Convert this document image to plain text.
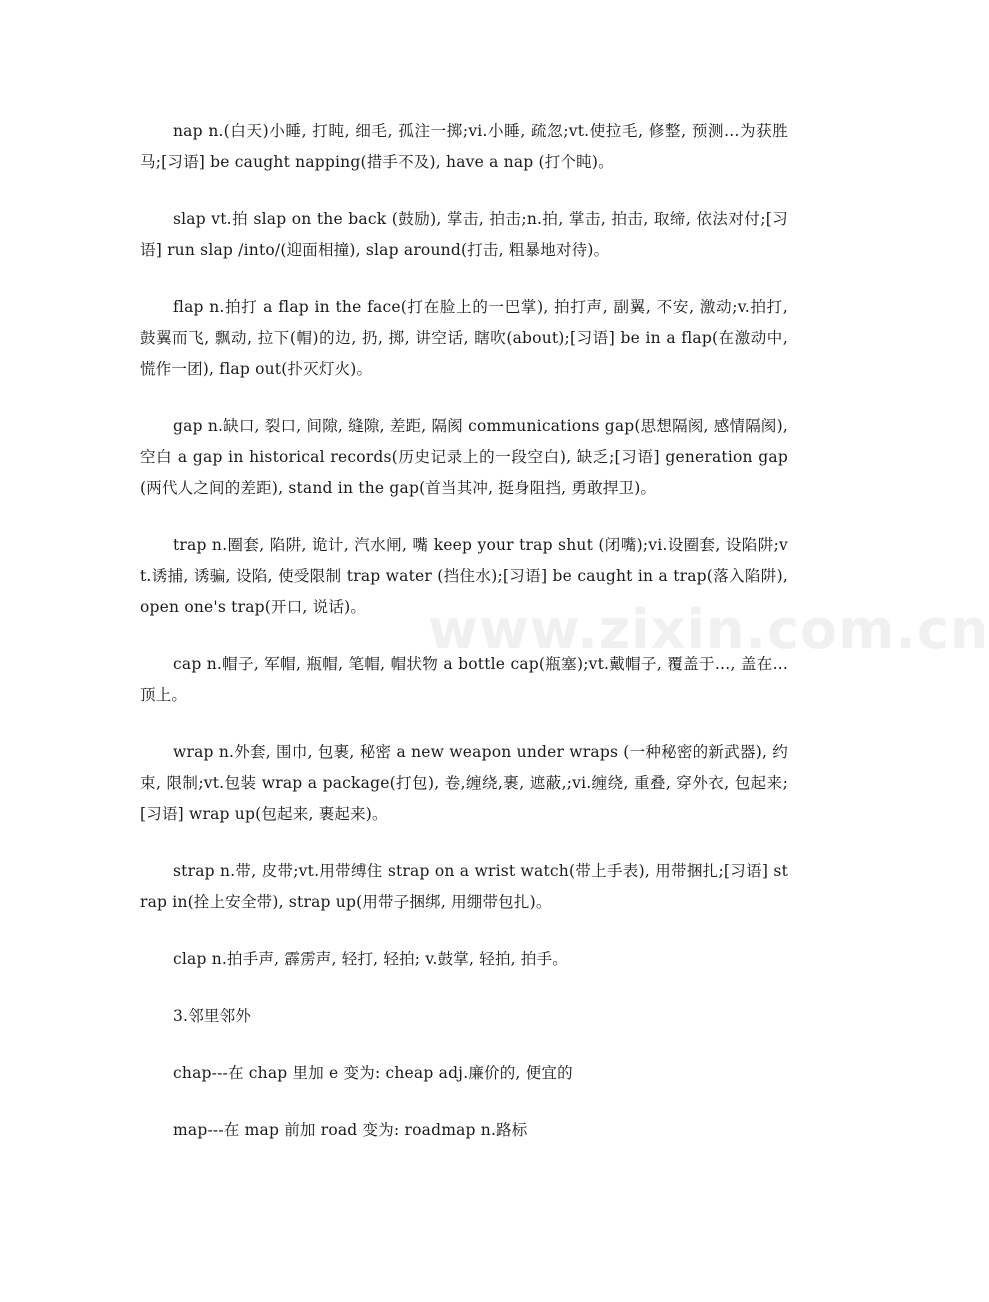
nap n.(白天)小睡, 打盹, 细毛, 孤注一掷;vi.小睡, 疏忽;vt.使拉毛, 修整, 预测...为获胜马;[习语] be caught napping(措手不及), have a nap (打个盹)。

slap vt.拍 slap on the back (鼓励), 掌击, 拍击;n.拍, 掌击, 拍击, 取缔, 依法对付;[习语] run slap /into/(迎面相撞), slap around(打击, 粗暴地对待)。

flap n.拍打 a flap in the face(打在脸上的一巴掌), 拍打声, 副翼, 不安, 激动;v.拍打, 鼓翼而飞, 飘动, 拉下(帽)的边, 扔, 掷, 讲空话, 瞎吹(about);[习语] be in a flap(在激动中, 慌作一团), flap out(扑灭灯火)。

gap n.缺口, 裂口, 间隙, 缝隙, 差距, 隔阂 communications gap(思想隔阂, 感情隔阂), 空白 a gap in historical records(历史记录上的一段空白), 缺乏;[习语] generation gap(两代人之间的差距), stand in the gap(首当其冲, 挺身阻挡, 勇敢捍卫)。

trap n.圈套, 陷阱, 诡计, 汽水闸, 嘴 keep your trap shut (闭嘴);vi.设圈套, 设陷阱;vt.诱捕, 诱骗, 设陷, 使受限制 trap water (挡住水);[习语] be caught in a trap(落入陷阱), open one's trap(开口, 说话)。

cap n.帽子, 军帽, 瓶帽, 笔帽, 帽状物 a bottle cap(瓶塞);vt.戴帽子, 覆盖于…, 盖在...顶上。

wrap n.外套, 围巾, 包裹, 秘密 a new weapon under wraps (一种秘密的新武器), 约束, 限制;vt.包装 wrap a package(打包), 卷,缠绕,裹, 遮蔽,;vi.缠绕, 重叠, 穿外衣, 包起来;[习语] wrap up(包起来, 裹起来)。

strap n.带, 皮带;vt.用带缚住 strap on a wrist watch(带上手表), 用带捆扎;[习语] strap in(拴上安全带), strap up(用带子捆绑, 用绷带包扎)。

clap n.拍手声, 霹雳声, 轻打, 轻拍; v.鼓掌, 轻拍, 拍手。

3.邻里邻外

chap---在 chap 里加 e 变为: cheap adj.廉价的, 便宜的

map---在 map 前加 road 变为: roadmap n.路标

www.zixin.com.cn
